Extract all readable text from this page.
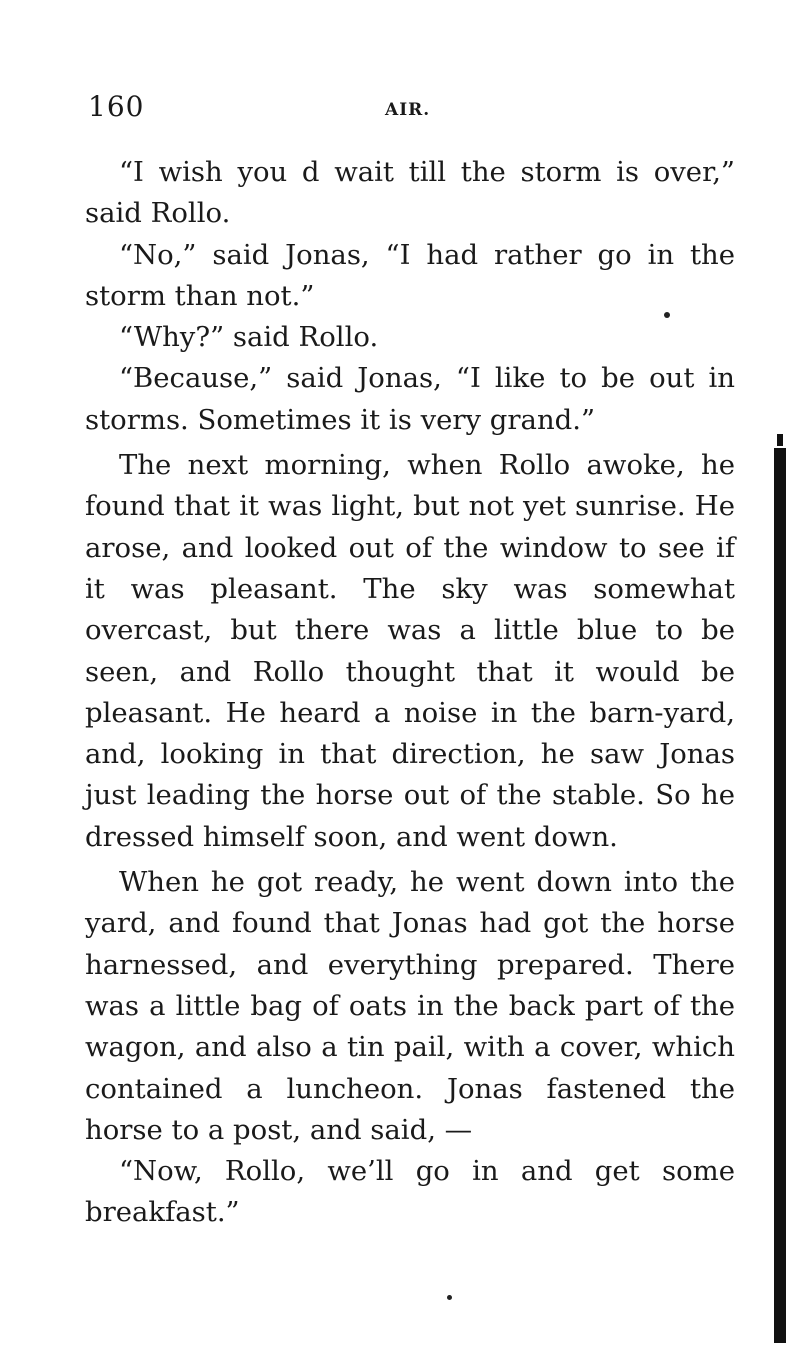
160	AIR.

“I wish you d wait till the storm is over,” said Rollo.

“No,” said Jonas, “I had rather go in the storm than not.”

“Why?” said Rollo.

“Because,” said Jonas, “I like to be out in storms. Sometimes it is very grand.”

The next morning, when Rollo awoke, he found that it was light, but not yet sunrise. He arose, and looked out of the window to see if it was pleasant. The sky was somewhat overcast, but there was a little blue to be seen, and Rollo thought that it would be pleasant. He heard a noise in the barn-yard, and, looking in that direction, he saw Jonas just leading the horse out of the stable. So he dressed himself soon, and went down.

When he got ready, he went down into the yard, and found that Jonas had got the horse harnessed, and everything prepared. There was a little bag of oats in the back part of the wagon, and also a tin pail, with a cover, which contained a luncheon. Jonas fastened the horse to a post, and said, —

“Now, Rollo, we’ll go in and get some breakfast.”
